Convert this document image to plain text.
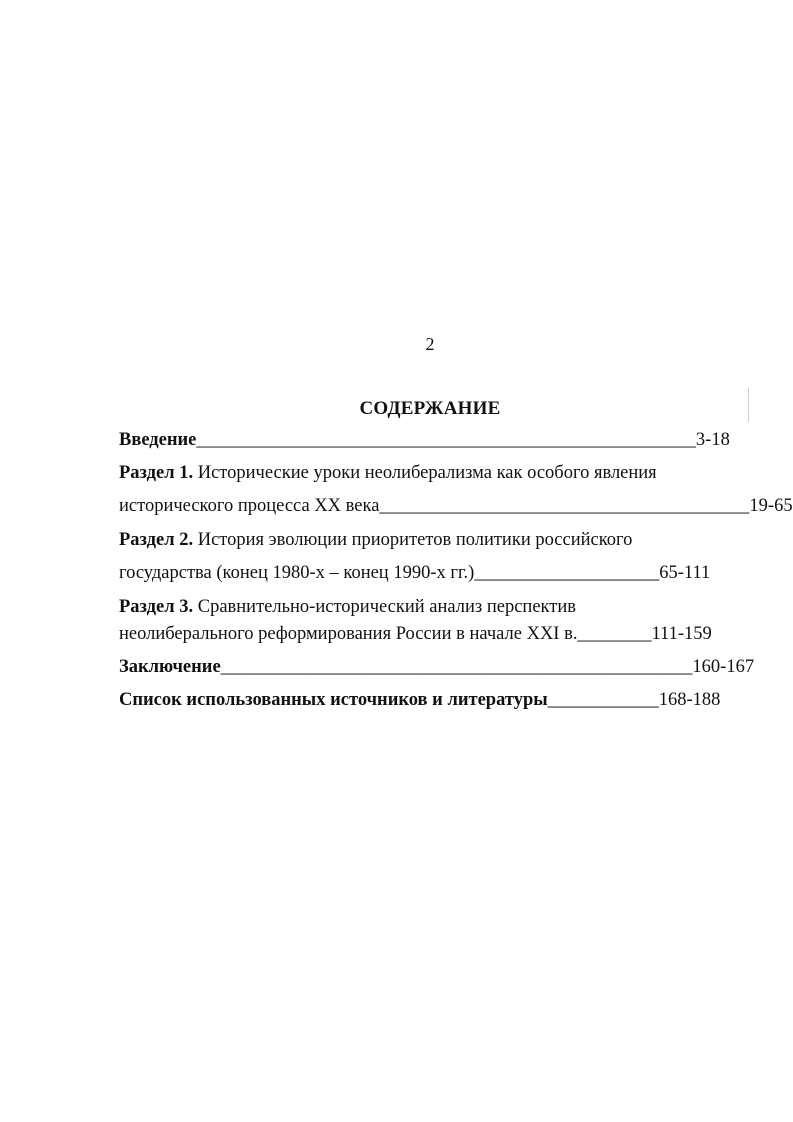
2
СОДЕРЖАНИЕ
Введение______________________________________________________3-18
Раздел 1. Исторические уроки неолиберализма как особого явления
исторического процесса XX века________________________________________19-65
Раздел 2. История эволюции приоритетов политики российского
государства (конец 1980-х – конец 1990-х гг.)____________________65-111
Раздел 3. Сравнительно-исторический анализ перспектив
неолиберального реформирования России в начале XXI в.________111-159
Заключение___________________________________________________160-167
Список использованных источников и литературы____________168-188
